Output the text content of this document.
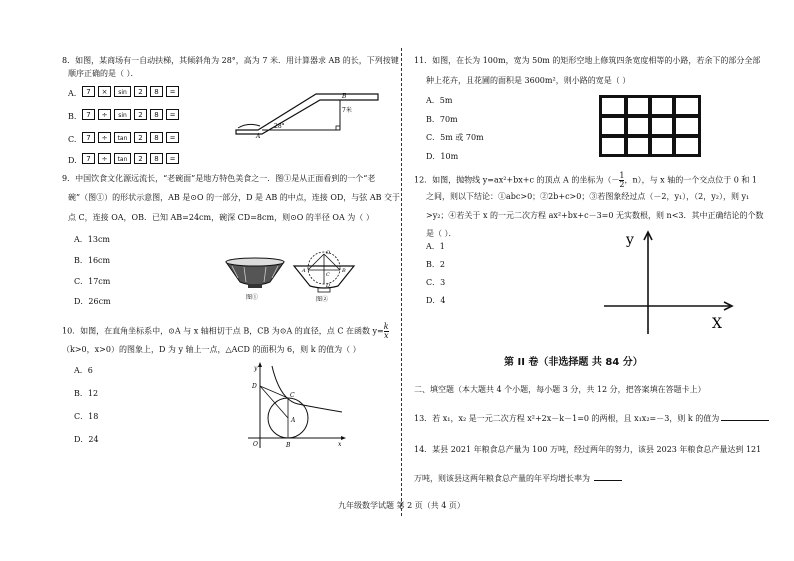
8．如图，某商场有一自动扶梯，其倾斜角为 28°，高为 7 米．用计算器求 AB 的长，下列按键
顺序正确的是（ ）．
A.	7	×	sin	2	8	=
B.	7	÷	sin	2	8	=
C.	7	÷	tan	2	8	=
D.	7	÷	tan	2	8	=
7米
28°
A
B
9．中国饮食文化源远流长，“老碗面”是地方特色美食之一．图①是从正面看到的一个“老
碗”（图①）的形状示意图，AB 是⊙O 的一部分，D 是 AB 的中点，连接 OD，与弦 AB 交于
点 C，连接 OA，OB．已知 AB=24cm，碗深 CD=8cm，则⊙O 的半径 OA 为（ ）
A．13cm
B．16cm
C．17cm
D．26cm	图①
O
A	B
C
D
图②
10．如图，在直角坐标系中，⊙A 与 x 轴相切于点 B，CB 为⊙A 的直径，点 C 在函数 $y= \frac{k}{x}$
（k>0，x>0）的图象上，D 为 y 轴上一点，△ACD 的面积为 6，则 k 的值为（ ）
A．6
B．12
C．18
D．24
y
x
O	B
C
D
A
11．如图，在长为 100m，宽为 50m 的矩形空地上修筑四条宽度相等的小路，若余下的部分全部
种上花卉，且花圃的面积是 3600m²，则小路的宽是（ ）
A．5m
B．70m
C．5m 或 70m
D．10m
12．如图，抛物线 y=ax²+bx+c 的顶点 A 的坐标为（－ $\frac{1}{2}$ ，n），与 x 轴的一个交点位于 0 和 1
之间，则以下结论：①abc>0；②2b+c>0；③若图象经过点（－2，y₁），（2，y₂），则 y₁
>y₂；④若关于 x 的一元二次方程 ax²+bx+c－3=0 无实数根，则 n<3．其中正确结论的个数
是（ ）．
A．1
B．2
C．3
D．4
y
X
第 II 卷（非选择题 共 84 分）
二、填空题（本大题共 4 个小题，每小题 3 分，共 12 分，把答案填在答题卡上）
13．若 x₁，x₂ 是一元二次方程 x²+2x－k－1=0 的两根，且 x₁x₂=－3，则 k 的值为
14．某县 2021 年粮食总产量为 100 万吨，经过两年的努力，该县 2023 年粮食总产量达到 121
万吨，则该县这两年粮食总产量的年平均增长率为
九年级数学试题 第 2 页（共 4 页）
